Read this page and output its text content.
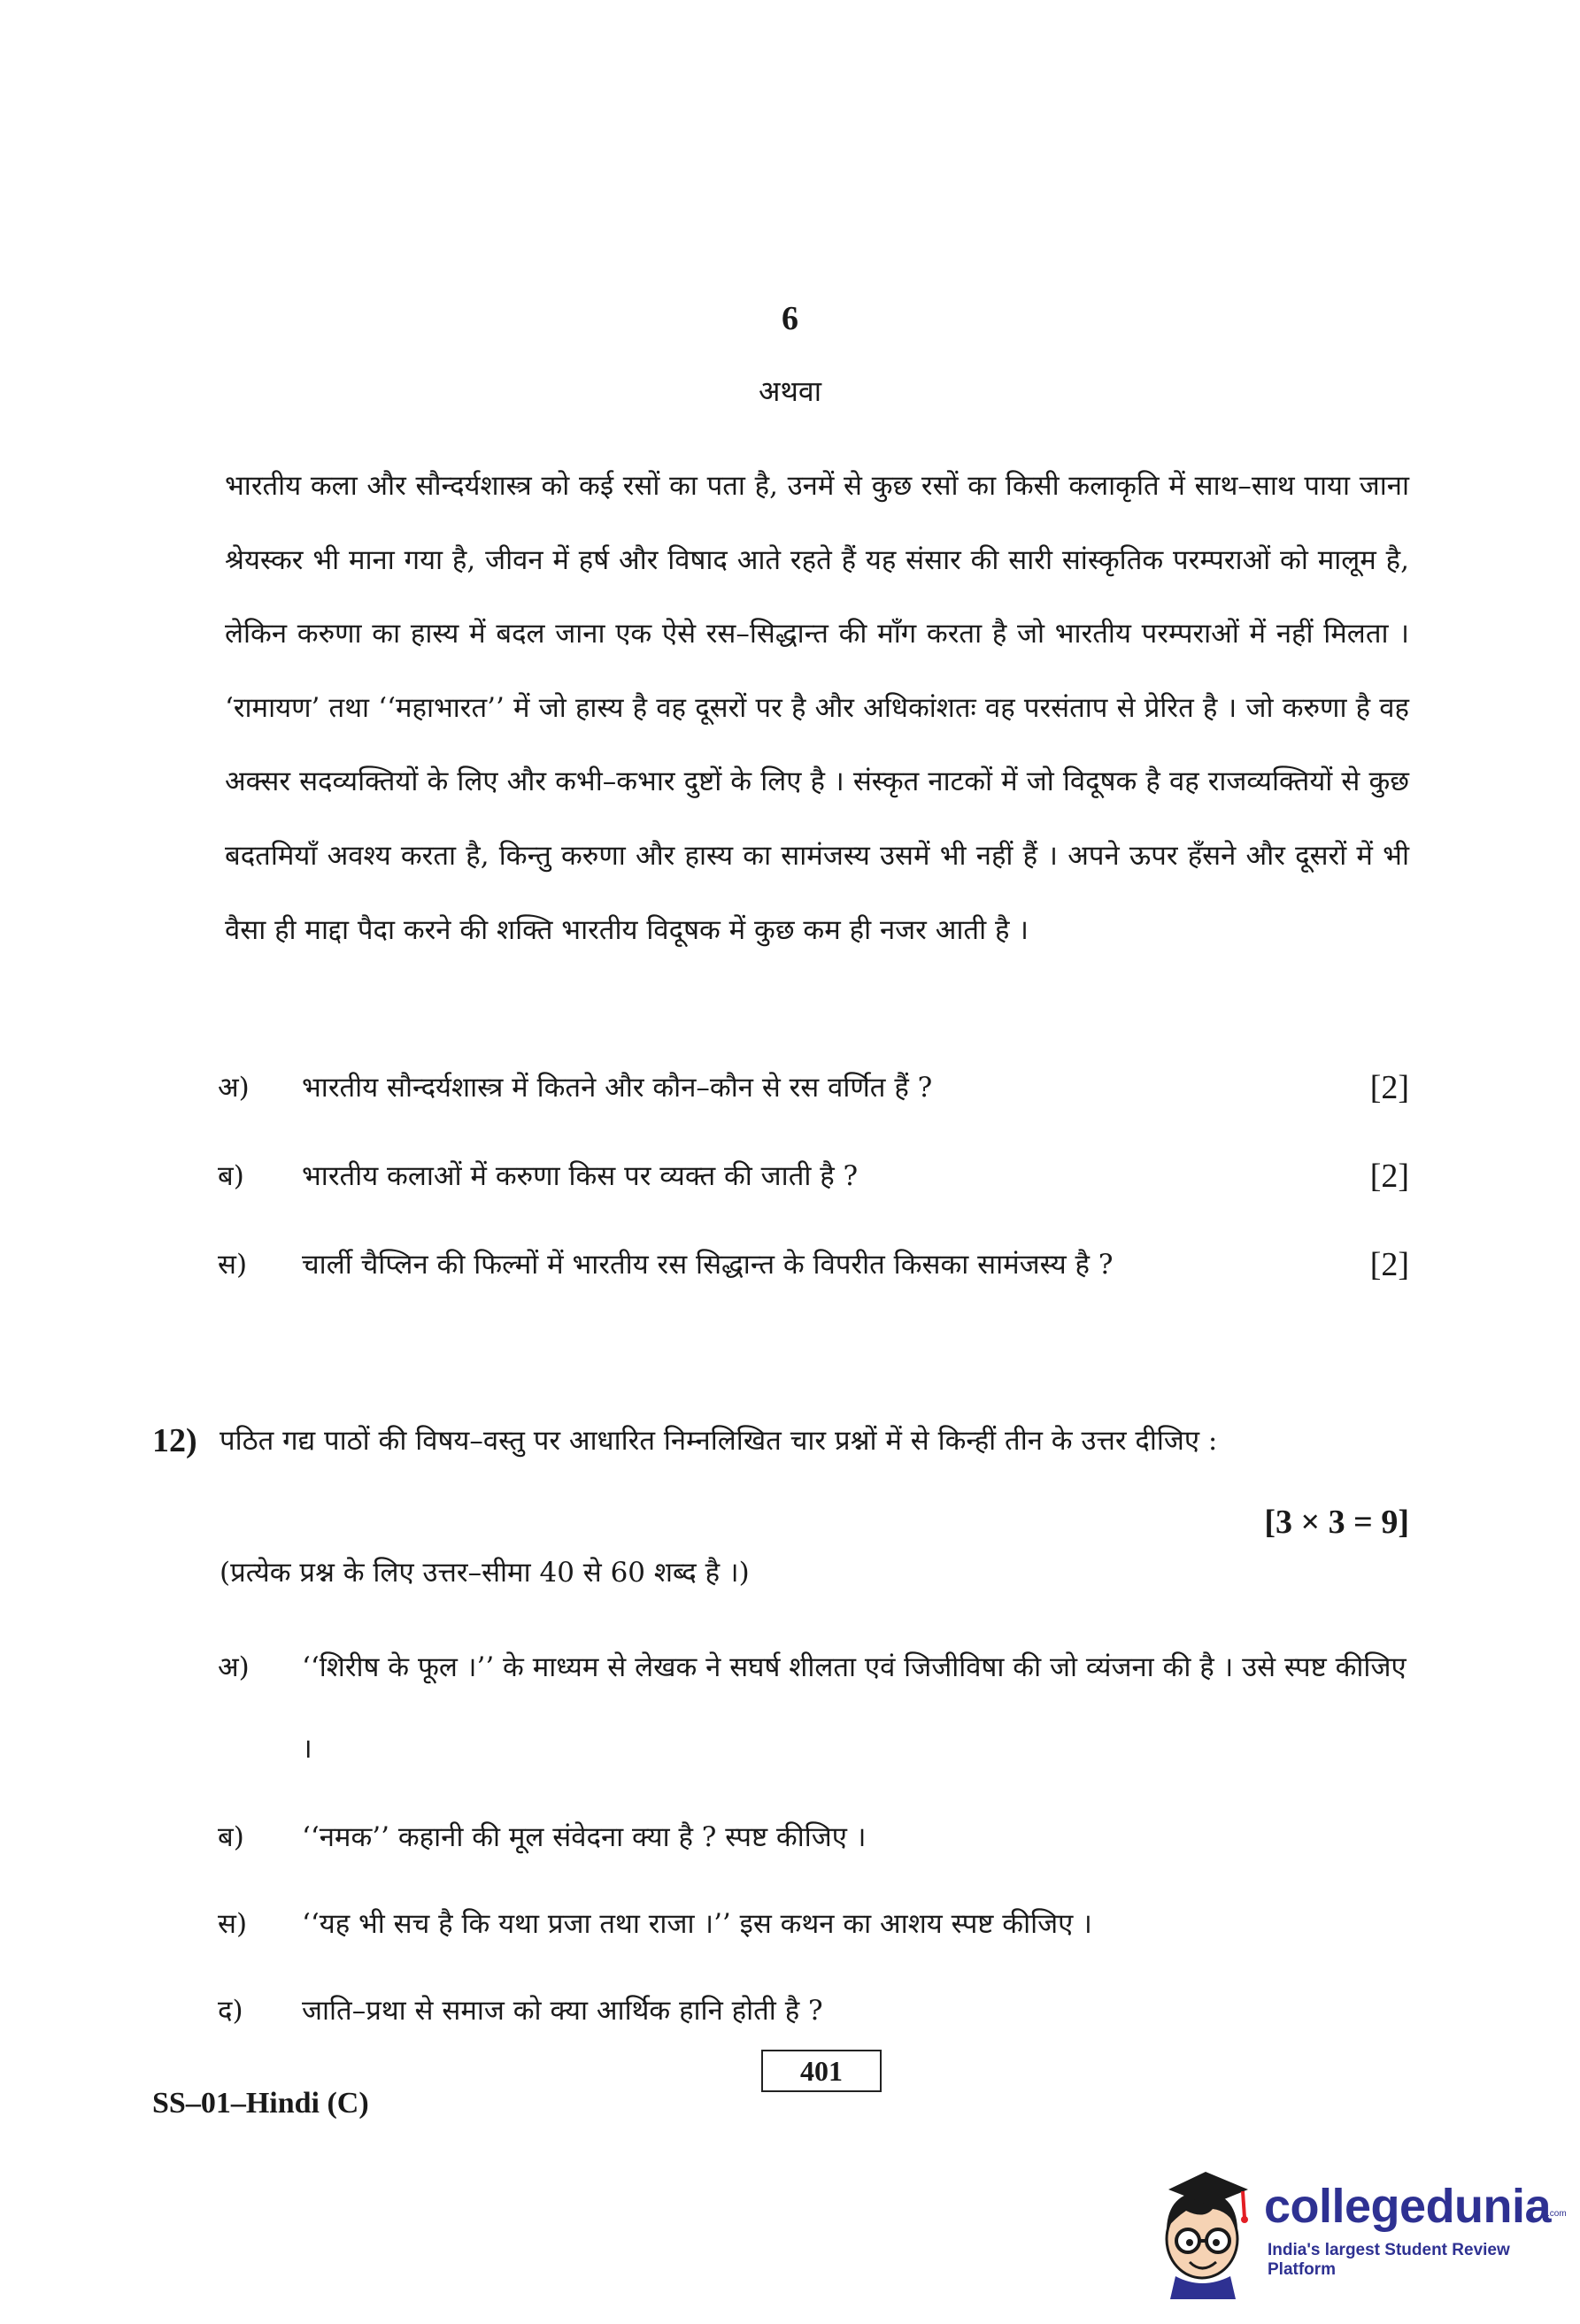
6
अथवा

भारतीय कला और सौन्दर्यशास्त्र को कई रसों का पता है, उनमें से कुछ रसों का किसी कलाकृति में साथ–साथ पाया जाना श्रेयस्कर भी माना गया है, जीवन में हर्ष और विषाद आते रहते हैं यह संसार की सारी सांस्कृतिक परम्पराओं को मालूम है, लेकिन करुणा का हास्य में बदल जाना एक ऐसे रस–सिद्धान्त की माँग करता है जो भारतीय परम्पराओं में नहीं मिलता । ‘रामायण’ तथा ‘‘महाभारत’’ में जो हास्य है वह दूसरों पर है और अधिकांशतः वह परसंताप से प्रेरित है । जो करुणा है वह अक्सर सदव्यक्तियों के लिए और कभी–कभार दुष्टों के लिए है । संस्कृत नाटकों में जो विदूषक है वह राजव्यक्तियों से कुछ बदतमियाँ अवश्य करता है, किन्तु करुणा और हास्य का सामंजस्य उसमें भी नहीं हैं । अपने ऊपर हँसने और दूसरों में भी वैसा ही माद्दा पैदा करने की शक्ति भारतीय विदूषक में कुछ कम ही नजर आती है ।

अ)	भारतीय सौन्दर्यशास्त्र में कितने और कौन–कौन से रस वर्णित हैं ?	[2]
ब)	भारतीय कलाओं में करुणा किस पर व्यक्त की जाती है ?	[2]
स)	चार्ली चैप्लिन की फिल्मों में भारतीय रस सिद्धान्त के विपरीत किसका सामंजस्य है ?	[2]
12) पठित गद्य पाठों की विषय–वस्तु पर आधारित निम्नलिखित चार प्रश्नों में से किन्हीं तीन के उत्तर दीजिए :
[3 × 3 = 9]
(प्रत्येक प्रश्न के लिए उत्तर–सीमा 40 से 60 शब्द है ।)
अ)	‘‘शिरीष के फूल ।’’ के माध्यम से लेखक ने सघर्ष शीलता एवं जिजीविषा की जो व्यंजना की है । उसे स्पष्ट कीजिए ।
ब)	‘‘नमक’’ कहानी की मूल संवेदना क्या है ? स्पष्ट कीजिए ।
स)	‘‘यह भी सच है कि यथा प्रजा तथा राजा ।’’ इस कथन का आशय स्पष्ट कीजिए ।
द)	जाति–प्रथा से समाज को क्या आर्थिक हानि होती है ?
SS–01–Hindi (C)
401
collegedunia
.com
India's largest Student Review Platform
